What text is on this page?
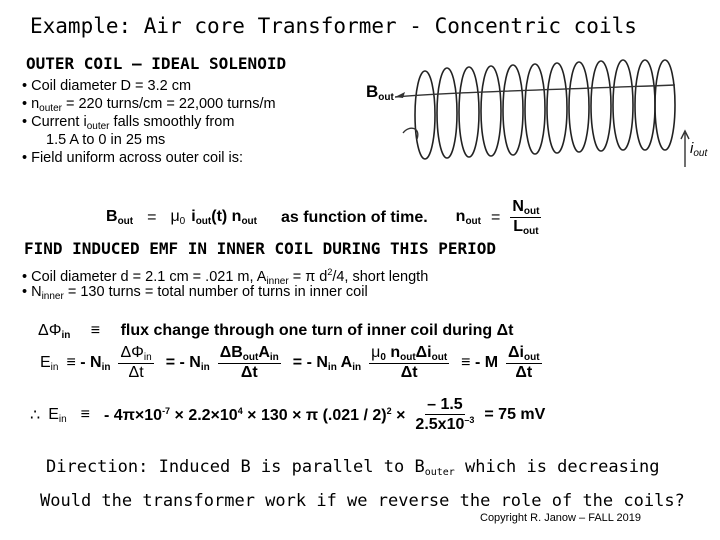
Example: Air core Transformer - Concentric coils
OUTER COIL – IDEAL SOLENOID
• Coil diameter D = 3.2 cm
• $n_{outer} = 220$ turns/cm = 22,000 turns/m
• Current $i_{outer}$ falls smoothly from
1.5 A to 0 in 25 ms
• Field uniform across outer coil is:
$B_{out}$
$i_{out}$
$B_{out} = \mu_0$ $i_{out}(t)$ $n_{out}$	as function of time.	$n_{out} = \frac{N_{out}}{L_{out}}$
FIND INDUCED EMF IN INNER COIL DURING THIS PERIOD
• Coil diameter d = 2.1 cm = .021 m, $A_{inner} = \pi$ $d^2/4$, short length
• $N_{inner} = 130$ turns = total number of turns in inner coil
$\Delta\Phi_{in}$ ≡ flux change through one turn of inner coil during Δt
$E_{in}$ ≡ - $N_{in} \frac{\Delta\Phi_{in}}{\Delta t}$ = - $N_{in} \frac{\Delta B_{out}A_{in}}{\Delta t}$ = - $N_{in}$ $A_{in} \frac{\mu_0 n_{out}\Delta i_{out}}{\Delta t}$ ≡ - M $\frac{\Delta i_{out}}{\Delta t}$
∴ $E_{in}$ ≡ - $4\pi\times 10^{-7} \times 2.2\times 10^4 \times 130 \times \pi$ $(.021 / 2)^2 \times \frac{- 1.5}{2.5x10^{-3}} = 75$ mV
Direction: Induced B is parallel to $B_{outer}$ which is decreasing
Would the transformer work if we reverse the role of the coils?
Copyright R. Janow – FALL 2019
